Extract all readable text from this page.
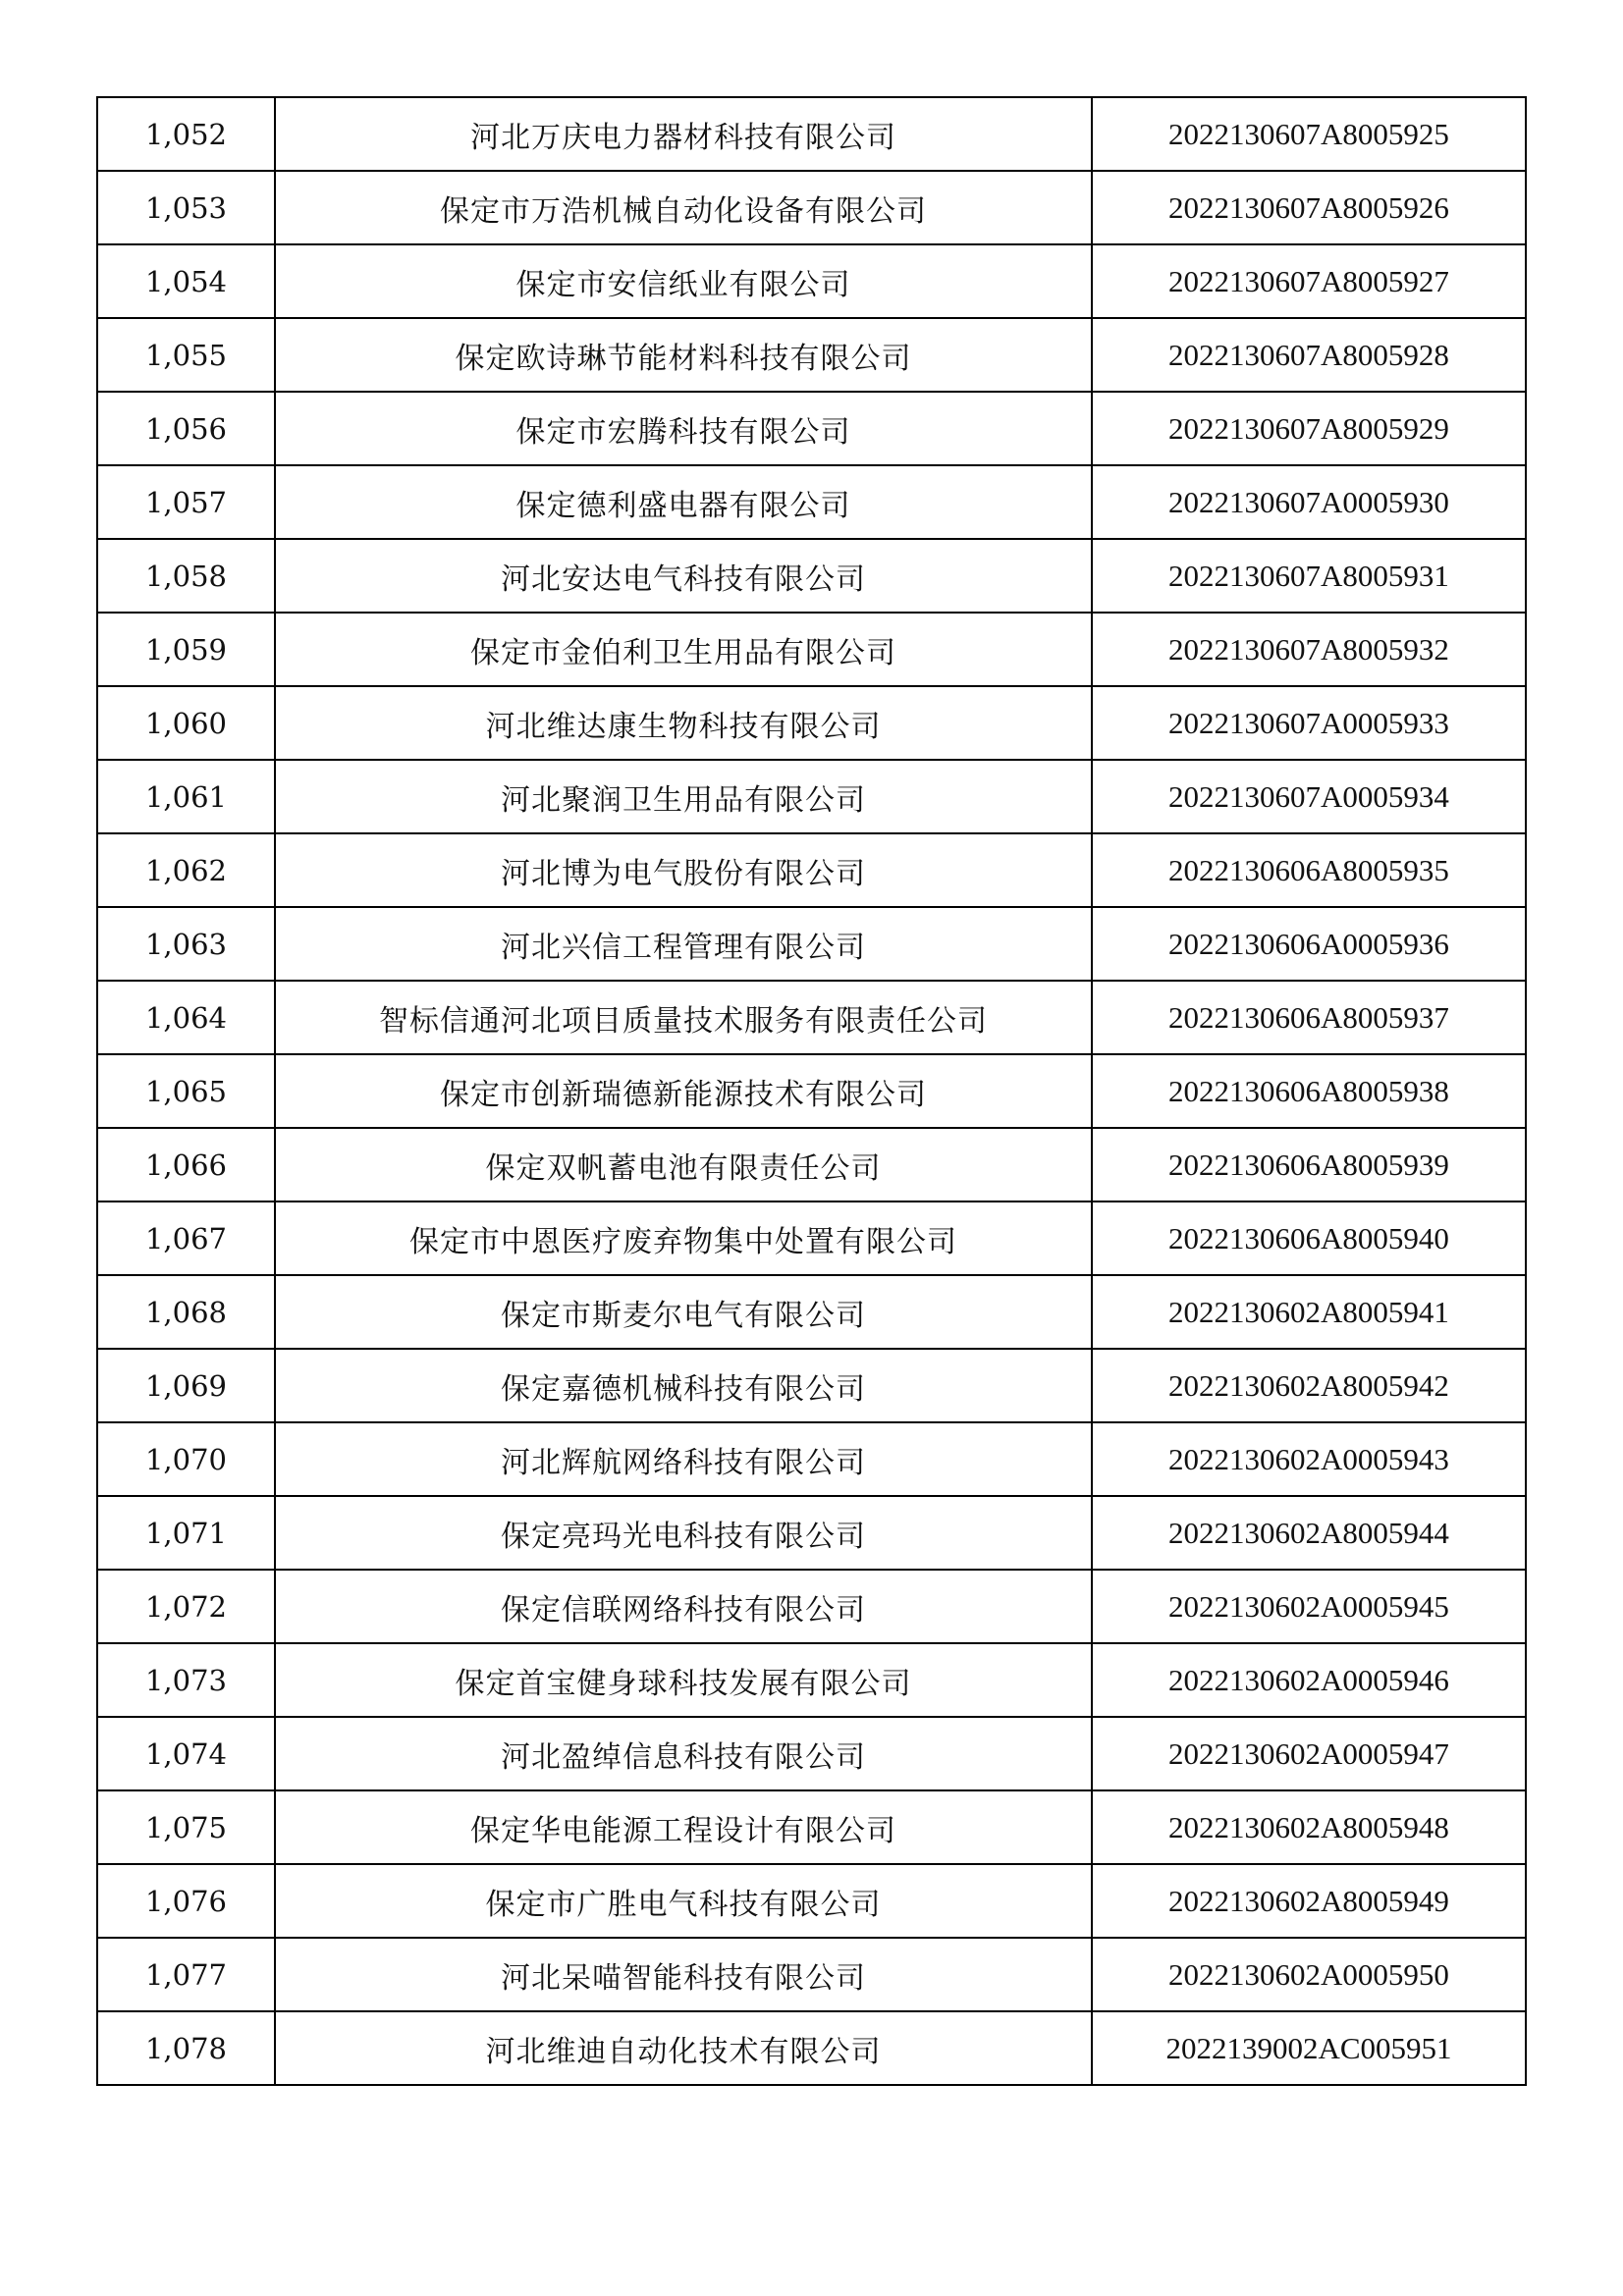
1,052	河北万庆电力器材科技有限公司	2022130607A8005925
1,053	保定市万浩机械自动化设备有限公司	2022130607A8005926
1,054	保定市安信纸业有限公司	2022130607A8005927
1,055	保定欧诗琳节能材料科技有限公司	2022130607A8005928
1,056	保定市宏腾科技有限公司	2022130607A8005929
1,057	保定德利盛电器有限公司	2022130607A0005930
1,058	河北安达电气科技有限公司	2022130607A8005931
1,059	保定市金伯利卫生用品有限公司	2022130607A8005932
1,060	河北维达康生物科技有限公司	2022130607A0005933
1,061	河北聚润卫生用品有限公司	2022130607A0005934
1,062	河北博为电气股份有限公司	2022130606A8005935
1,063	河北兴信工程管理有限公司	2022130606A0005936
1,064	智标信通河北项目质量技术服务有限责任公司	2022130606A8005937
1,065	保定市创新瑞德新能源技术有限公司	2022130606A8005938
1,066	保定双帆蓄电池有限责任公司	2022130606A8005939
1,067	保定市中恩医疗废弃物集中处置有限公司	2022130606A8005940
1,068	保定市斯麦尔电气有限公司	2022130602A8005941
1,069	保定嘉德机械科技有限公司	2022130602A8005942
1,070	河北辉航网络科技有限公司	2022130602A0005943
1,071	保定亮玛光电科技有限公司	2022130602A8005944
1,072	保定信联网络科技有限公司	2022130602A0005945
1,073	保定首宝健身球科技发展有限公司	2022130602A0005946
1,074	河北盈绰信息科技有限公司	2022130602A0005947
1,075	保定华电能源工程设计有限公司	2022130602A8005948
1,076	保定市广胜电气科技有限公司	2022130602A8005949
1,077	河北呆喵智能科技有限公司	2022130602A0005950
1,078	河北维迪自动化技术有限公司	2022139002AC005951
